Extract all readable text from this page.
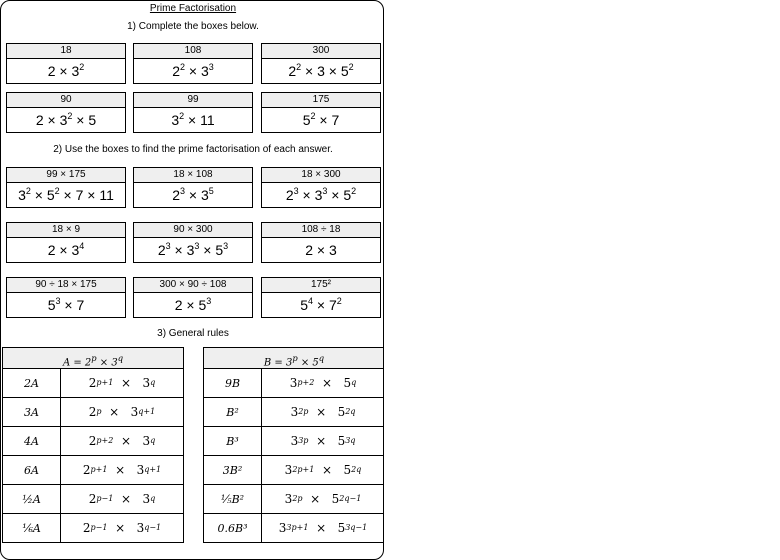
Prime Factorisation
1) Complete the boxes below.
18
$2 \times 3^2$
108
$2^2 \times 3^3$
300
$2^2 \times 3 \times 5^2$
90
$2 \times 3^2 \times 5$
99
$3^2 \times 11$
175
$5^2 \times 7$
2) Use the boxes to find the prime factorisation of each answer.
99 × 175
$3^2 \times 5^2 \times 7 \times 11$
18 × 108
$2^3 \times 3^5$
18 × 300
$2^3 \times 3^3 \times 5^2$
18 × 9
$2 \times 3^4$
90 × 300
$2^3 \times 3^3 \times 5^3$
108 ÷ 18
2 × 3
90 ÷ 18 × 175
$5^3 \times 7$
300 × 90 ÷ 108
$2 \times 5^3$
175²
$5^4 \times 7^2$
3) General rules
$A = 2^p \times 3^q$
2A	2 p+1 ×   3 q
3A	2 p ×   3 q+1
4A	2 p+2 ×   3 q
6A	2 p+1 ×   3 q+1
½A	2 p−1 ×   3 q
⅙A	2 p−1 ×   3 q−1
$B = 3^p \times 5^q$
9B	3 p+2 ×   5 q
B²	3 2p ×   5 2q
B³	3 3p ×   5 3q
3B²	3 2p+1 ×   5 2q
⅕B²	3 2p ×   5 2q−1
0.6B³	3 3p+1 ×   5 3q−1
